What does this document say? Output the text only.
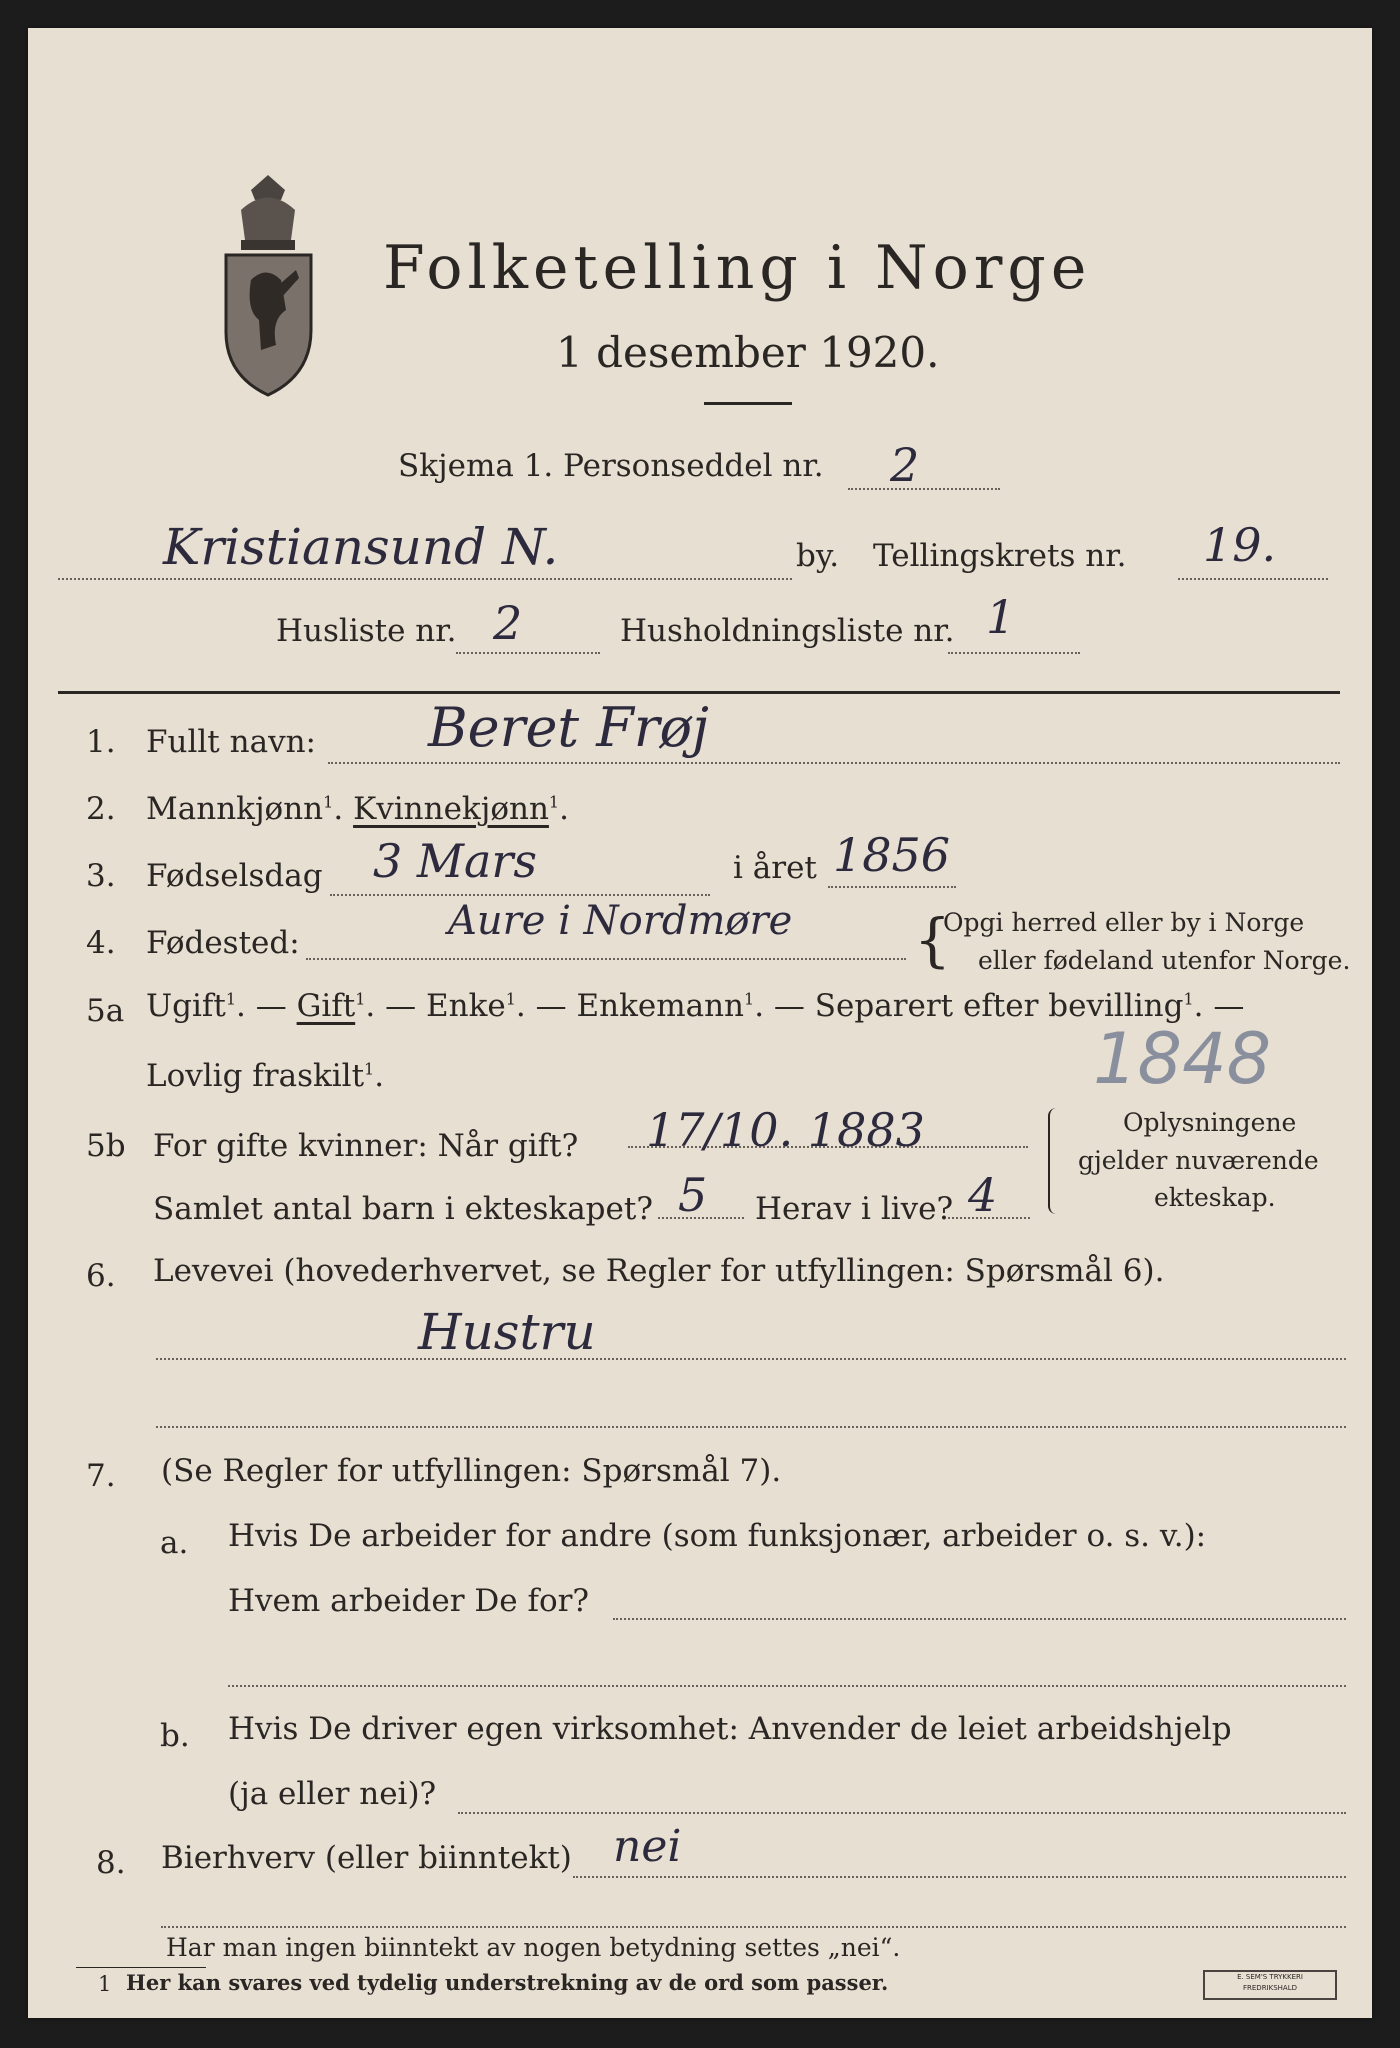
Folketelling i Norge
1 desember 1920.
Skjema 1. Personseddel nr. 2
Kristiansund N.	by. Tellingskrets nr. 19.
Husliste nr. 2	Husholdningsliste nr. 1
1. Fullt navn: Beret Frøj
2. Mannkjønn$^1$. Kvinnekjønn$^1$.
3. Fødselsdag 3 Mars	i året 1856
4. Fødested:	Aure i Nordmøre {
Opgi herred eller by i Norge
eller fødeland utenfor Norge.
5a Ugift$^1$. — Gift$^1$. — Enke$^1$. — Enkemann$^1$. — Separert efter bevilling$^1$. —
Lovlig fraskilt$^1$.	1848
5b For gifte kvinner: Når gift? 17/10. 1883
Samlet antal barn i ekteskapet? 5 Herav i live? 4
Oplysningene
gjelder nuværende
ekteskap.
6. Levevei (hovederhvervet, se Regler for utfyllingen: Spørsmål 6).
Hustru
7. (Se Regler for utfyllingen: Spørsmål 7).
a. Hvis De arbeider for andre (som funksjonær, arbeider o. s. v.):
Hvem arbeider De for?
b. Hvis De driver egen virksomhet: Anvender de leiet arbeidshjelp
(ja eller nei)?
8. Bierhverv (eller biinntekt) nei
Har man ingen biinntekt av nogen betydning settes „nei“.
1 Her kan svares ved tydelig understrekning av de ord som passer.	E. SEM'S TRYKKERI
FREDRIKSHALD
